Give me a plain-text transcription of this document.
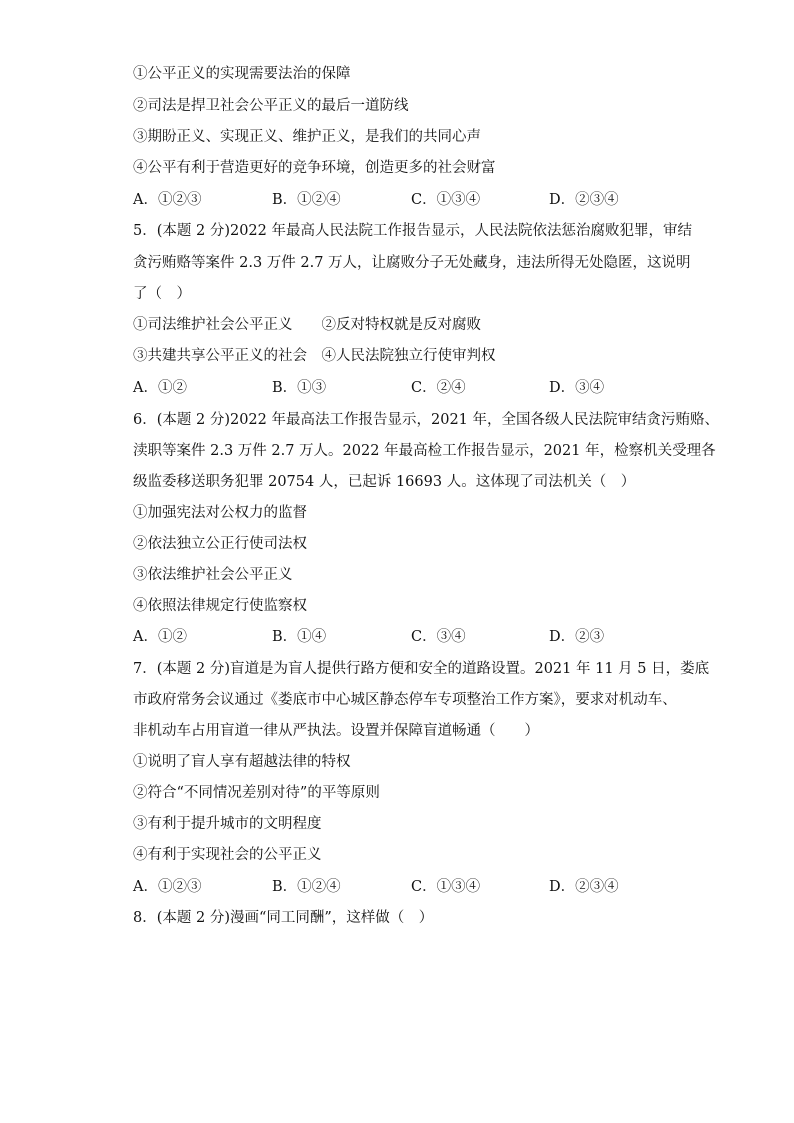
①公平正义的实现需要法治的保障
②司法是捍卫社会公平正义的最后一道防线
③期盼正义、实现正义、维护正义，是我们的共同心声
④公平有利于营造更好的竞争环境，创造更多的社会财富
A．①②③	B．①②④	C．①③④	D．②③④
5．(本题 2 分)2022 年最高人民法院工作报告显示，人民法院依法惩治腐败犯罪，审结
贪污贿赂等案件 2.3 万件 2.7 万人，让腐败分子无处藏身，违法所得无处隐匿，这说明
了（　）
①司法维护社会公平正义　　②反对特权就是反对腐败
③共建共享公平正义的社会　④人民法院独立行使审判权
A．①②	B．①③	C．②④	D．③④
6．(本题 2 分)2022 年最高法工作报告显示，2021 年，全国各级人民法院审结贪污贿赂、
渎职等案件 2.3 万件 2.7 万人。2022 年最高检工作报告显示，2021 年，检察机关受理各
级监委移送职务犯罪 20754 人，已起诉 16693 人。这体现了司法机关（　）
①加强宪法对公权力的监督
②依法独立公正行使司法权
③依法维护社会公平正义
④依照法律规定行使监察权
A．①②	B．①④	C．③④	D．②③
7．(本题 2 分)盲道是为盲人提供行路方便和安全的道路设置。2021 年 11 月 5 日，娄底
市政府常务会议通过《娄底市中心城区静态停车专项整治工作方案》，要求对机动车、
非机动车占用盲道一律从严执法。设置并保障盲道畅通（　　）
①说明了盲人享有超越法律的特权
②符合“不同情况差别对待”的平等原则
③有利于提升城市的文明程度
④有利于实现社会的公平正义
A．①②③	B．①②④	C．①③④	D．②③④
8．(本题 2 分)漫画“同工同酬”，这样做（　）
